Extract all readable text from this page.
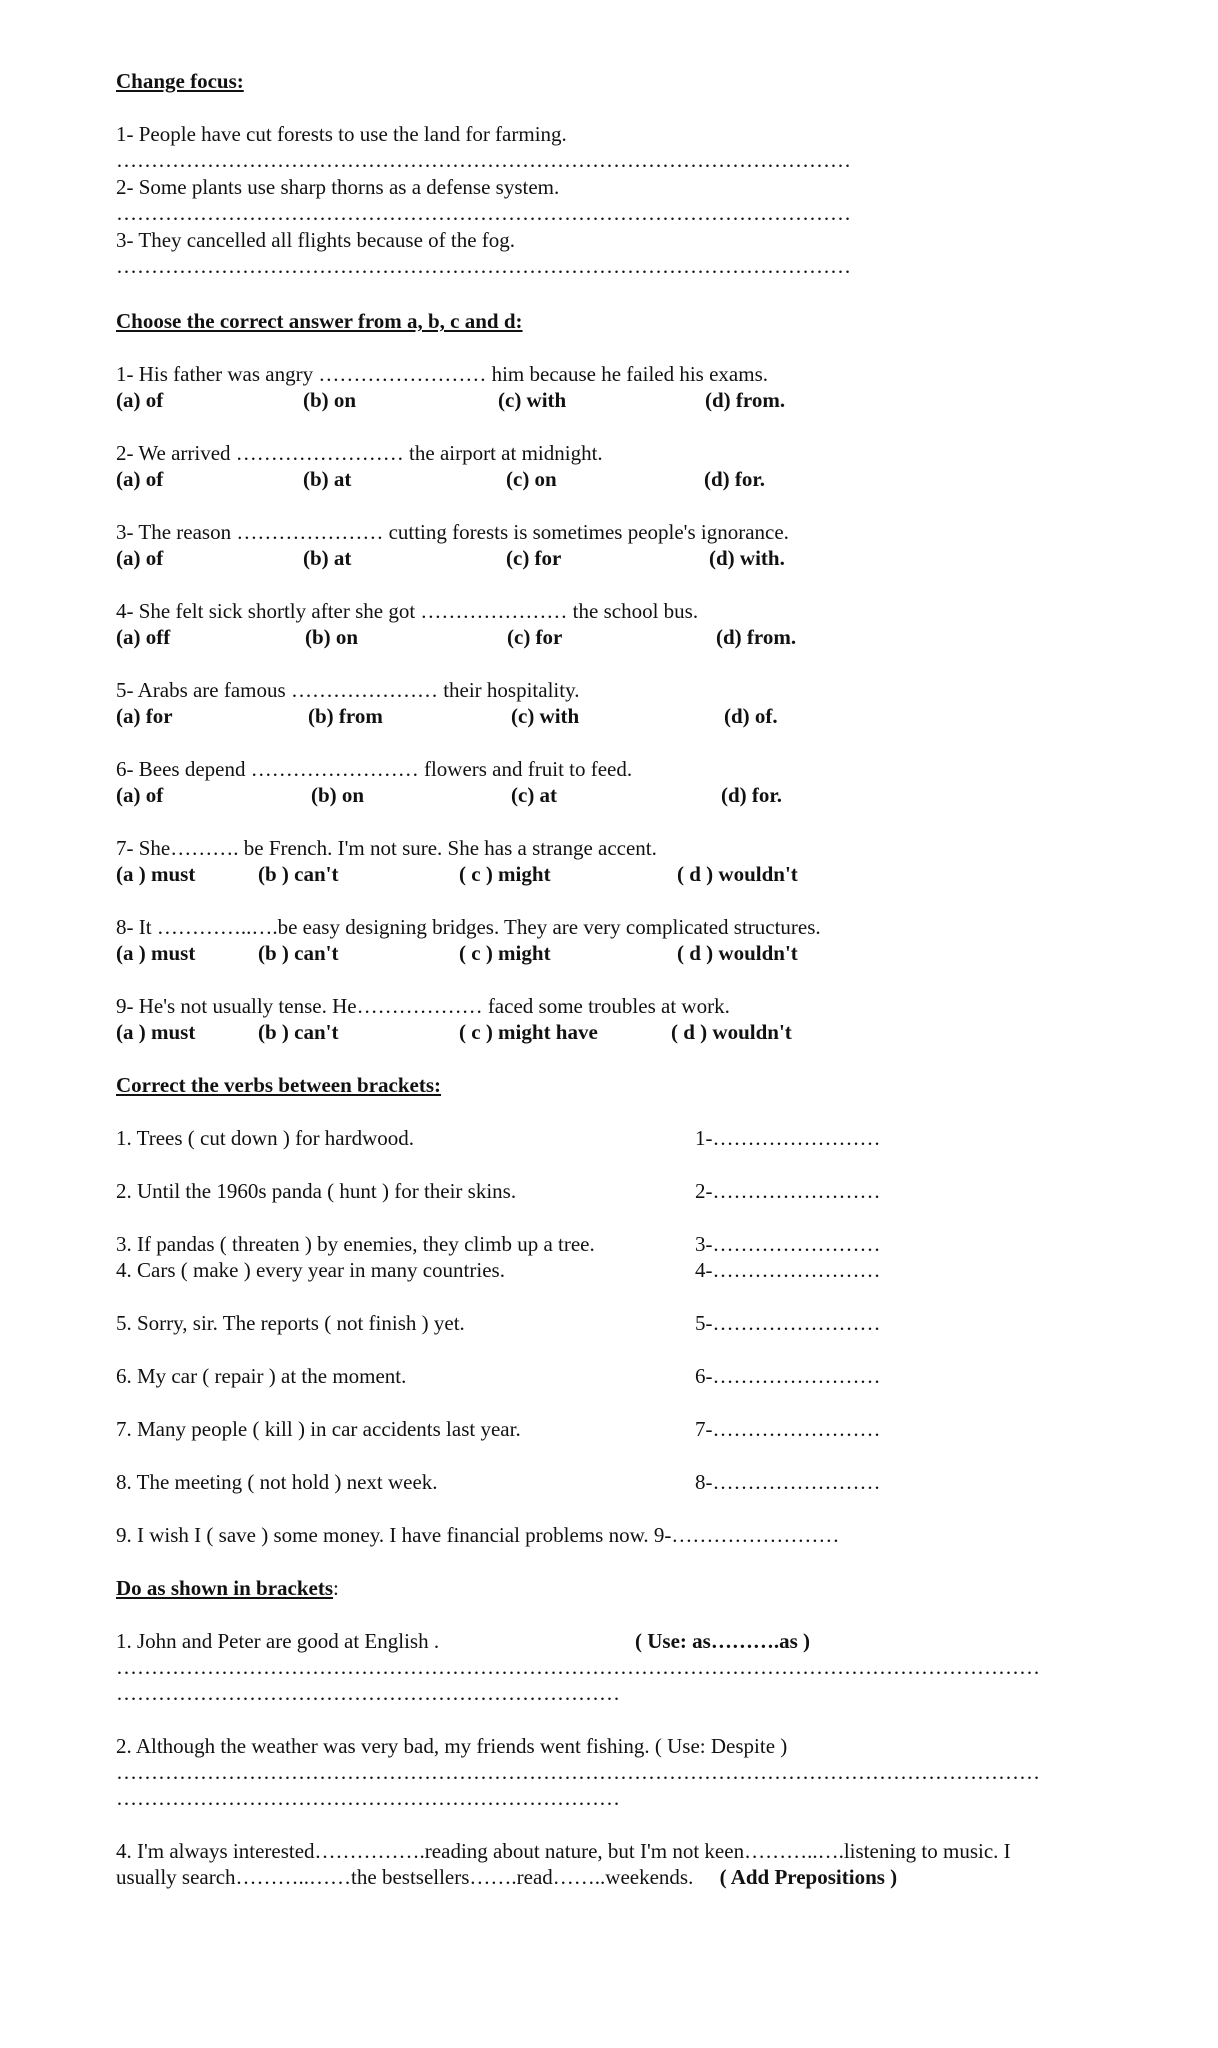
Change focus:
1- People have cut forests to use the land for farming.
……………………………………………………………………………………………
2- Some plants use sharp thorns as a defense system.
……………………………………………………………………………………………
3- They cancelled all flights because of the fog.
……………………………………………………………………………………………
Choose the correct answer from a, b, c and d:
1- His father was angry …………………… him because he failed his exams.
(a) of	(b) on	(c) with	(d) from.
2- We arrived …………………… the airport at midnight.
(a) of	(b) at	(c) on	(d) for.
3- The reason ………………… cutting forests is sometimes people's ignorance.
(a) of	(b) at	(c) for	(d) with.
4- She felt sick shortly after she got ………………… the school bus.
(a) off	(b) on	(c) for	(d) from.
5- Arabs are famous ………………… their hospitality.
(a) for	(b) from	(c) with	(d) of.
6- Bees depend …………………… flowers and fruit to feed.
(a) of	(b) on	(c) at	(d) for.
7- She………. be French. I'm not sure. She has a strange accent.
(a ) must	(b ) can't	( c ) might	( d ) wouldn't
8- It …………..….be easy designing bridges. They are very complicated structures.
(a ) must	(b ) can't	( c ) might	( d ) wouldn't
9- He's not usually tense. He……………… faced some troubles at work.
(a ) must	(b ) can't	( c ) might have	( d ) wouldn't
Correct the verbs between brackets:
1. Trees ( cut down ) for hardwood.	1-……………………
2. Until the 1960s panda ( hunt ) for their skins.	2-……………………
3. If pandas ( threaten ) by enemies, they climb up a tree.	3-……………………
4. Cars ( make ) every year in many countries.	4-……………………
5. Sorry, sir. The reports ( not finish ) yet.	5-……………………
6. My car ( repair ) at the moment.	6-……………………
7. Many people ( kill ) in car accidents last year.	7-……………………
8. The meeting ( not hold ) next week.	8-……………………
9. I wish I ( save ) some money. I have financial problems now. 9-……………………
Do as shown in brackets:
1. John and Peter are good at English .	( Use: as……….as )
……………………………………………………………………………………………………………………
………………………………………………………………
2. Although the weather was very bad, my friends went fishing. ( Use: Despite )
……………………………………………………………………………………………………………………
………………………………………………………………
4. I'm always interested…………….reading about nature, but I'm not keen………..….listening to music. I
usually search………..……the bestsellers…….read……..weekends. ( Add Prepositions )
